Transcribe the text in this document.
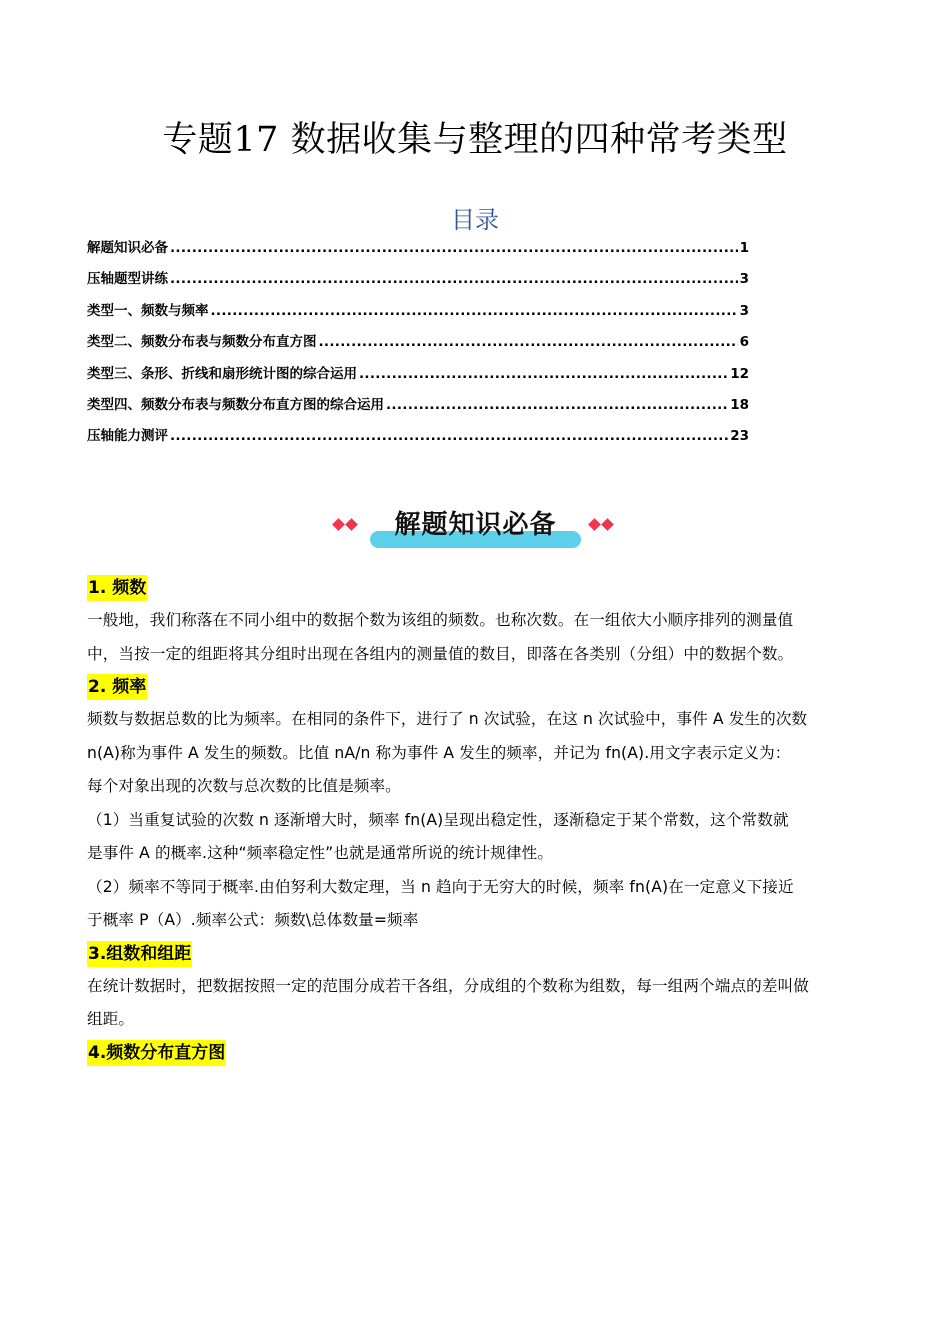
专题17 数据收集与整理的四种常考类型
目录
解题知识必备 .....	1
压轴题型讲练 .....	3
类型一、频数与频率 .....	3
类型二、频数分布表与频数分布直方图 .....	6
类型三、条形、折线和扇形统计图的综合运用 .....	12
类型四、频数分布表与频数分布直方图的综合运用 .....	18
压轴能力测评 .....	23
解题知识必备
1. 频数

一般地，我们称落在不同小组中的数据个数为该组的频数。也称次数。在一组依大小顺序排列的测量值

中，当按一定的组距将其分组时出现在各组内的测量值的数目，即落在各类别（分组）中的数据个数。

2. 频率

频数与数据总数的比为频率。在相同的条件下，进行了 n 次试验，在这 n 次试验中，事件 A 发生的次数

n(A)称为事件 A 发生的频数。比值 nA/n 称为事件 A 发生的频率，并记为 fn(A).用文字表示定义为：

每个对象出现的次数与总次数的比值是频率。

（1）当重复试验的次数 n 逐渐增大时，频率 fn(A)呈现出稳定性，逐渐稳定于某个常数，这个常数就

是事件 A 的概率.这种“频率稳定性”也就是通常所说的统计规律性。

（2）频率不等同于概率.由伯努利大数定理，当 n 趋向于无穷大的时候，频率 fn(A)在一定意义下接近

于概率 P（A）.频率公式：频数\总体数量=频率

3.组数和组距

在统计数据时，把数据按照一定的范围分成若干各组，分成组的个数称为组数，每一组两个端点的差叫做

组距。

4.频数分布直方图
